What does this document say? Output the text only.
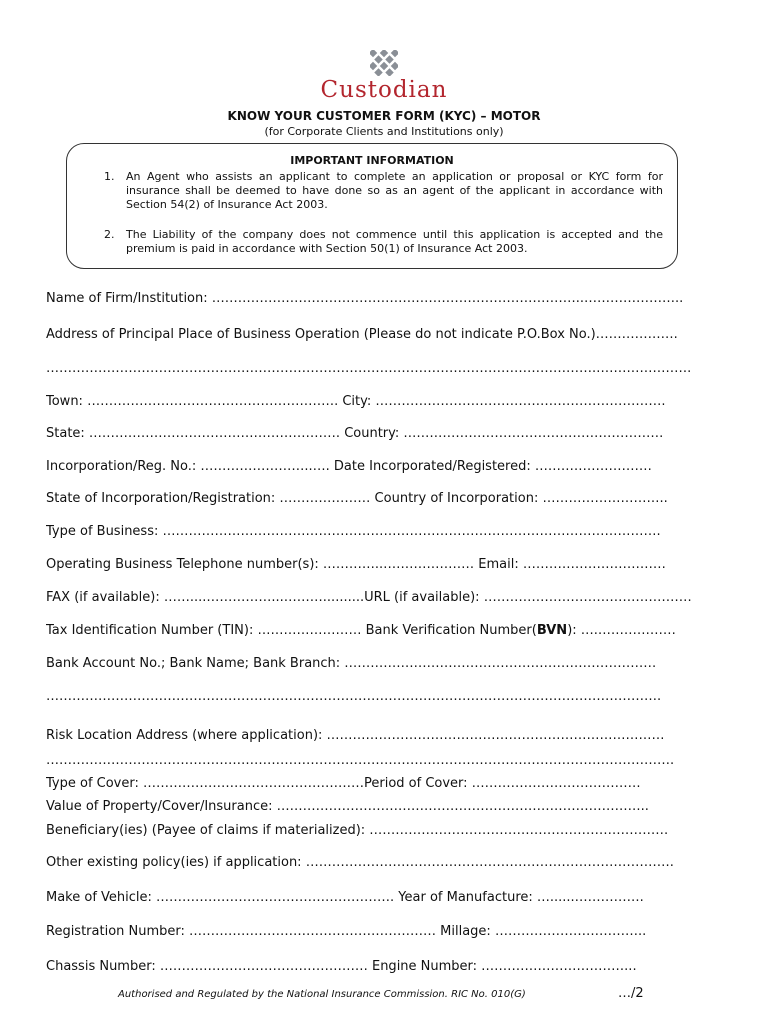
Custodian
KNOW YOUR CUSTOMER FORM (KYC) – MOTOR
(for Corporate Clients and Institutions only)
IMPORTANT INFORMATION
1. An Agent who assists an applicant to complete an application or proposal or KYC form for insurance shall be deemed to have done so as an agent of the applicant in accordance with Section 54(2) of Insurance Act 2003.
2. The Liability of the company does not commence until this application is accepted and the premium is paid in accordance with Section 50(1) of Insurance Act 2003.
Name of Firm/Institution: …………………………………………………………………………..…………………..
Address of Principal Place of Business Operation (Please do not indicate P.O.Box No.)……………….
……………………………………………………………………………………………………………….………………….
Town: …………………………………………………. City: ………………………………………………………….
State: …………………………………………………. Country: ……………………………………………………
Incorporation/Reg. No.: ……………………..…. Date Incorporated/Registered: ………………………
State of Incorporation/Registration: ………………… Country of Incorporation: ………………………..
Type of Business: …………………………………………………………………………………………………….
Operating Business Telephone number(s): …………..………………… Email: ……………………………
FAX (if available): ……....……………...………..........URL (if available): …………………………………………
Tax Identification Number (TIN): …………………… Bank Verification Number(BVN): ….………………
Bank Account No.; Bank Name; Bank Branch: ………………………………………………………………
…………………………………………………………………………………………………………………………….
Risk Location Address (where application): ……………………………………………………………………
……………………………………………………………………………………………………………………………….
Type of Cover: ……………………………………………Period of Cover: …………………………………
Value of Property/Cover/Insurance: …………………………………………………………………………..
Beneficiary(ies) (Payee of claims if materialized): ……………………………………………………………
Other existing policy(ies) if application: ………………………………………………………………………….
Make of Vehicle: ………………………………………………. Year of Manufacture: …......…………….
Registration Number: ………………………………………………… Millage: ……………………………..
Chassis Number: ………………………………………… Engine Number: ……………………………...
Authorised and Regulated by the National Insurance Commission. RIC No. 010(G)	…/2
